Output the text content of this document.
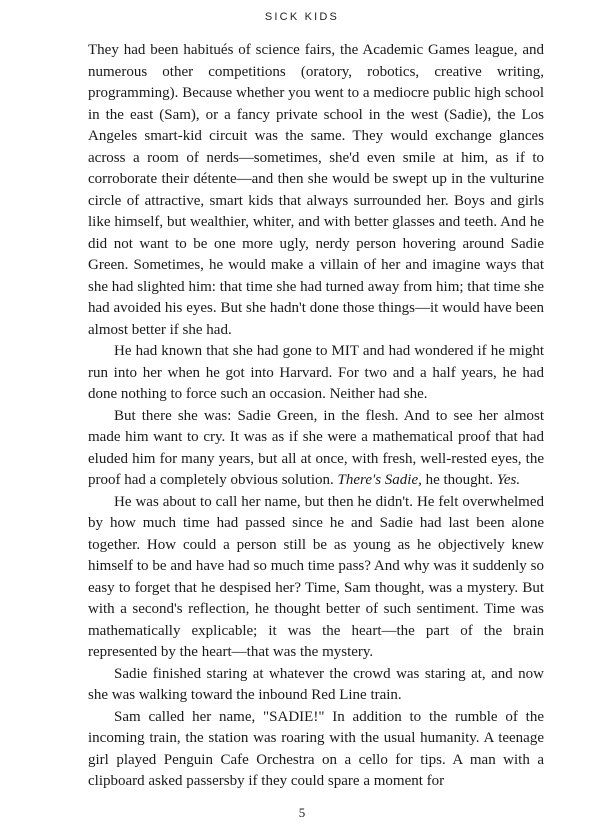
SICK KIDS

They had been habitués of science fairs, the Academic Games league, and numerous other competitions (oratory, robotics, creative writing, programming). Because whether you went to a mediocre public high school in the east (Sam), or a fancy private school in the west (Sadie), the Los Angeles smart-kid circuit was the same. They would exchange glances across a room of nerds—sometimes, she'd even smile at him, as if to corroborate their détente—and then she would be swept up in the vulturine circle of attractive, smart kids that always surrounded her. Boys and girls like himself, but wealthier, whiter, and with better glasses and teeth. And he did not want to be one more ugly, nerdy person hovering around Sadie Green. Sometimes, he would make a villain of her and imagine ways that she had slighted him: that time she had turned away from him; that time she had avoided his eyes. But she hadn't done those things—it would have been almost better if she had.

He had known that she had gone to MIT and had wondered if he might run into her when he got into Harvard. For two and a half years, he had done nothing to force such an occasion. Neither had she.

But there she was: Sadie Green, in the flesh. And to see her almost made him want to cry. It was as if she were a mathematical proof that had eluded him for many years, but all at once, with fresh, well-rested eyes, the proof had a completely obvious solution. There's Sadie, he thought. Yes.

He was about to call her name, but then he didn't. He felt overwhelmed by how much time had passed since he and Sadie had last been alone together. How could a person still be as young as he objectively knew himself to be and have had so much time pass? And why was it suddenly so easy to forget that he despised her? Time, Sam thought, was a mystery. But with a second's reflection, he thought better of such sentiment. Time was mathematically explicable; it was the heart—the part of the brain represented by the heart—that was the mystery.

Sadie finished staring at whatever the crowd was staring at, and now she was walking toward the inbound Red Line train.

Sam called her name, "SADIE!" In addition to the rumble of the incoming train, the station was roaring with the usual humanity. A teenage girl played Penguin Cafe Orchestra on a cello for tips. A man with a clipboard asked passersby if they could spare a moment for

5
